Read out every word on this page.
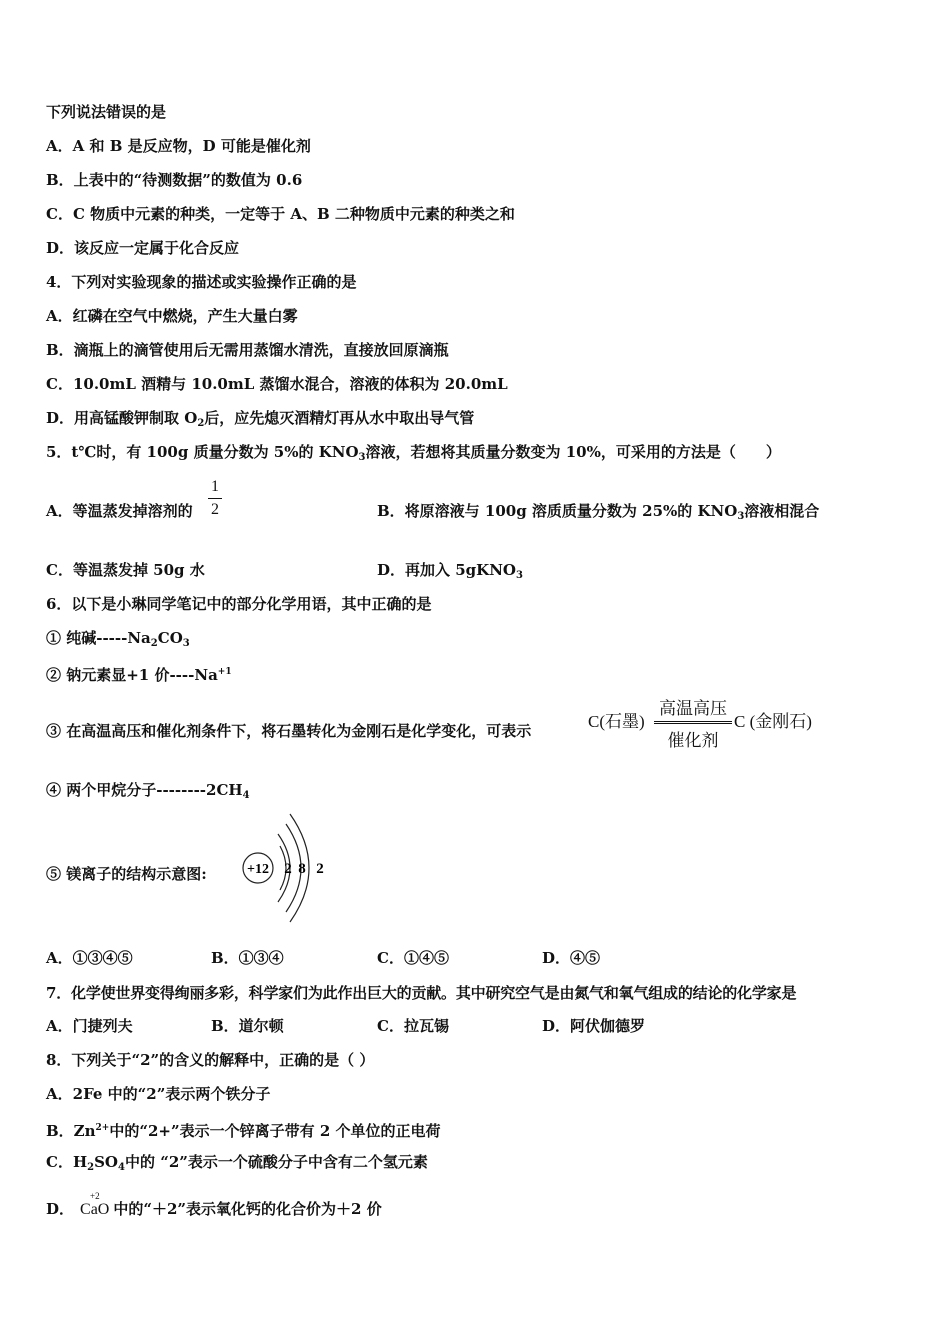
下列说法错误的是
A．A 和 B 是反应物，D 可能是催化剂
B．上表中的“待测数据”的数值为 0.6
C．C 物质中元素的种类，一定等于 A、B 二种物质中元素的种类之和
D．该反应一定属于化合反应
4．下列对实验现象的描述或实验操作正确的是
A．红磷在空气中燃烧，产生大量白雾
B．滴瓶上的滴管使用后无需用蒸馏水清洗，直接放回原滴瓶
C．10.0mL 酒精与 10.0mL 蒸馏水混合，溶液的体积为 20.0mL
D．用高锰酸钾制取 $O_2$后，应先熄灭酒精灯再从水中取出导气管
5．t℃时，有 100g 质量分数为 5%的 $KNO_3$溶液，若想将其质量分数变为 10%，可采用的方法是（　　）
A．等温蒸发掉溶剂的
1
2	B．将原溶液与 100g 溶质质量分数为 25%的 $KNO_3$溶液相混合
C．等温蒸发掉 50g 水	D．再加入 5gKNO$_3$
6．以下是小琳同学笔记中的部分化学用语，其中正确的是
① 纯碱$-----Na_2CO_3$
② 钠元素显+1 价$----Na^{+1}$
③ 在高温高压和催化剂条件下，将石墨转化为金刚石是化学变化，可表示	C(石墨)
高温高压
催化剂
C (金刚石)
④ 两个甲烷分子$--------2CH_4$
⑤ 镁离子的结构示意图:	+12 2 8 2
A．①③④⑤	B．①③④	C．①④⑤	D．④⑤
7．化学使世界变得绚丽多彩，科学家们为此作出巨大的贡献。其中研究空气是由氮气和氧气组成的结论的化学家是
A．门捷列夫	B．道尔顿	C．拉瓦锡	D．阿伏伽德罗
8．下列关于“2”的含义的解释中，正确的是（ ）
A．2Fe 中的“2”表示两个铁分子
B．$Zn^{2+}$中的“2+”表示一个锌离子带有 2 个单位的正电荷
C．$H_2SO_4$中的 “2”表示一个硫酸分子中含有二个氢元素
D．
+2
CaO 中的“＋2”表示氧化钙的化合价为＋2 价
